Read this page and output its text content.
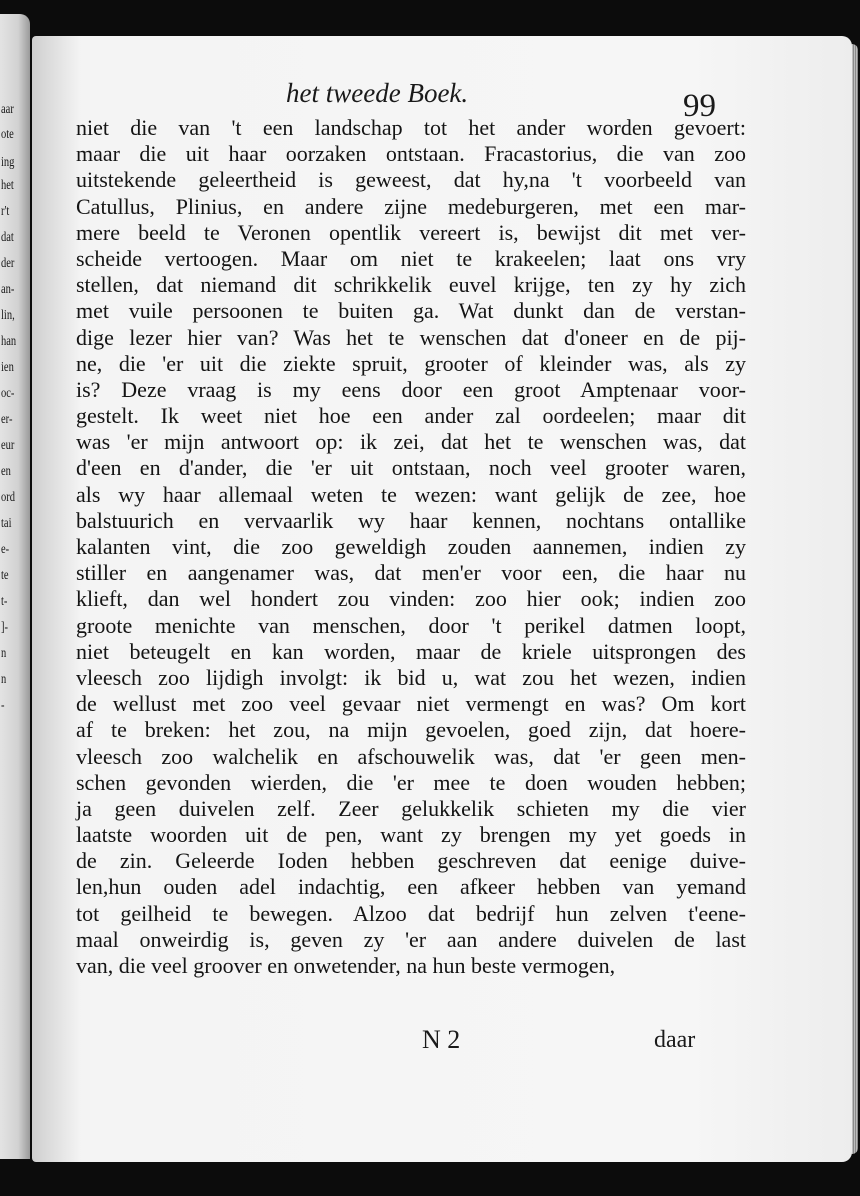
aar
ote
ing
het
r't
dat
der
an-
lin,
han
ien
oc-
er-
eur
en
ord
tai
e-
te
t-
]-
n
n
-
het tweede Boek.	99
niet die van 't een landschap tot het ander worden gevoert:
maar die uit haar oorzaken ontstaan. Fracastorius, die van zoo
uitstekende geleertheid is geweest, dat hy,na 't voorbeeld van
Catullus, Plinius, en andere zijne medeburgeren, met een mar-
mere beeld te Veronen opentlik vereert is, bewijst dit met ver-
scheide vertoogen. Maar om niet te krakeelen; laat ons vry
stellen, dat niemand dit schrikkelik euvel krijge, ten zy hy zich
met vuile persoonen te buiten ga. Wat dunkt dan de verstan-
dige lezer hier van? Was het te wenschen dat d'oneer en de pij-
ne, die 'er uit die ziekte spruit, grooter of kleinder was, als zy
is? Deze vraag is my eens door een groot Amptenaar voor-
gestelt. Ik weet niet hoe een ander zal oordeelen; maar dit
was 'er mijn antwoort op: ik zei, dat het te wenschen was, dat
d'een en d'ander, die 'er uit ontstaan, noch veel grooter waren,
als wy haar allemaal weten te wezen: want gelijk de zee, hoe
balstuurich en vervaarlik wy haar kennen, nochtans ontallike
kalanten vint, die zoo geweldigh zouden aannemen, indien zy
stiller en aangenamer was, dat men'er voor een, die haar nu
klieft, dan wel hondert zou vinden: zoo hier ook; indien zoo
groote menichte van menschen, door 't perikel datmen loopt,
niet beteugelt en kan worden, maar de kriele uitsprongen des
vleesch zoo lijdigh involgt: ik bid u, wat zou het wezen, indien
de wellust met zoo veel gevaar niet vermengt en was? Om kort
af te breken: het zou, na mijn gevoelen, goed zijn, dat hoere-
vleesch zoo walchelik en afschouwelik was, dat 'er geen men-
schen gevonden wierden, die 'er mee te doen wouden hebben;
ja geen duivelen zelf. Zeer gelukkelik schieten my die vier
laatste woorden uit de pen, want zy brengen my yet goeds in
de zin. Geleerde Ioden hebben geschreven dat eenige duive-
len,hun ouden adel indachtig, een afkeer hebben van yemand
tot geilheid te bewegen. Alzoo dat bedrijf hun zelven t'eene-
maal onweirdig is, geven zy 'er aan andere duivelen de last
van, die veel groover en onwetender, na hun beste vermogen,
N 2	daar
